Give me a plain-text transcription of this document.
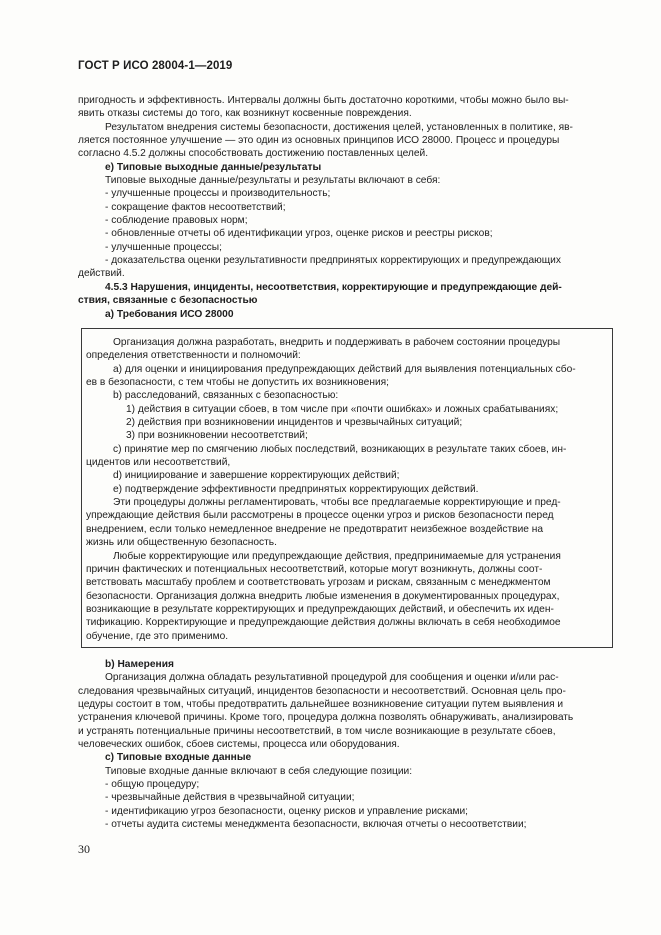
ГОСТ Р ИСО 28004-1—2019

пригодность и эффективность. Интервалы должны быть достаточно короткими, чтобы можно было вы-

явить отказы системы до того, как возникнут косвенные повреждения.

Результатом внедрения системы безопасности, достижения целей, установленных в политике, яв-

ляется постоянное улучшение — это один из основных принципов ИСО 28000. Процесс и процедуры

согласно 4.5.2 должны способствовать достижению поставленных целей.

e) Типовые выходные данные/результаты

Типовые выходные данные/результаты и результаты включают в себя:

- улучшенные процессы и производительность;

- сокращение фактов несоответствий;

- соблюдение правовых норм;

- обновленные отчеты об идентификации угроз, оценке рисков и реестры рисков;

- улучшенные процессы;

- доказательства оценки результативности предпринятых корректирующих и предупреждающих

действий.

4.5.3 Нарушения, инциденты, несоответствия, корректирующие и предупреждающие дей-

ствия, связанные с безопасностью

a) Требования ИСО 28000

Организация должна разработать, внедрить и поддерживать в рабочем состоянии процедуры

определения ответственности и полномочий:

a) для оценки и инициирования предупреждающих действий для выявления потенциальных сбо-

ев в безопасности, с тем чтобы не допустить их возникновения;

b) расследований, связанных с безопасностью:

1) действия в ситуации сбоев, в том числе при «почти ошибках» и ложных срабатываниях;

2) действия при возникновении инцидентов и чрезвычайных ситуаций;

3) при возникновении несоответствий;

c) принятие мер по смягчению любых последствий, возникающих в результате таких сбоев, ин-

цидентов или несоответствий,

d) инициирование и завершение корректирующих действий;

e) подтверждение эффективности предпринятых корректирующих действий.

Эти процедуры должны регламентировать, чтобы все предлагаемые корректирующие и пред-

упреждающие действия были рассмотрены в процессе оценки угроз и рисков безопасности перед

внедрением, если только немедленное внедрение не предотвратит неизбежное воздействие на

жизнь или общественную безопасность.

Любые корректирующие или предупреждающие действия, предпринимаемые для устранения

причин фактических и потенциальных несоответствий, которые могут возникнуть, должны соот-

ветствовать масштабу проблем и соответствовать угрозам и рискам, связанным с менеджментом

безопасности. Организация должна внедрить любые изменения в документированных процедурах,

возникающие в результате корректирующих и предупреждающих действий, и обеспечить их иден-

тификацию. Корректирующие и предупреждающие действия должны включать в себя необходимое

обучение, где это применимо.

b) Намерения

Организация должна обладать результативной процедурой для сообщения и оценки и/или рас-

следования чрезвычайных ситуаций, инцидентов безопасности и несоответствий. Основная цель про-

цедуры состоит в том, чтобы предотвратить дальнейшее возникновение ситуации путем выявления и

устранения ключевой причины. Кроме того, процедура должна позволять обнаруживать, анализировать

и устранять потенциальные причины несоответствий, в том числе возникающие в результате сбоев,

человеческих ошибок, сбоев системы, процесса или оборудования.

c) Типовые входные данные

Типовые входные данные включают в себя следующие позиции:

- общую процедуру;

- чрезвычайные действия в чрезвычайной ситуации;

- идентификацию угроз безопасности, оценку рисков и управление рисками;

- отчеты аудита системы менеджмента безопасности, включая отчеты о несоответствии;

30
